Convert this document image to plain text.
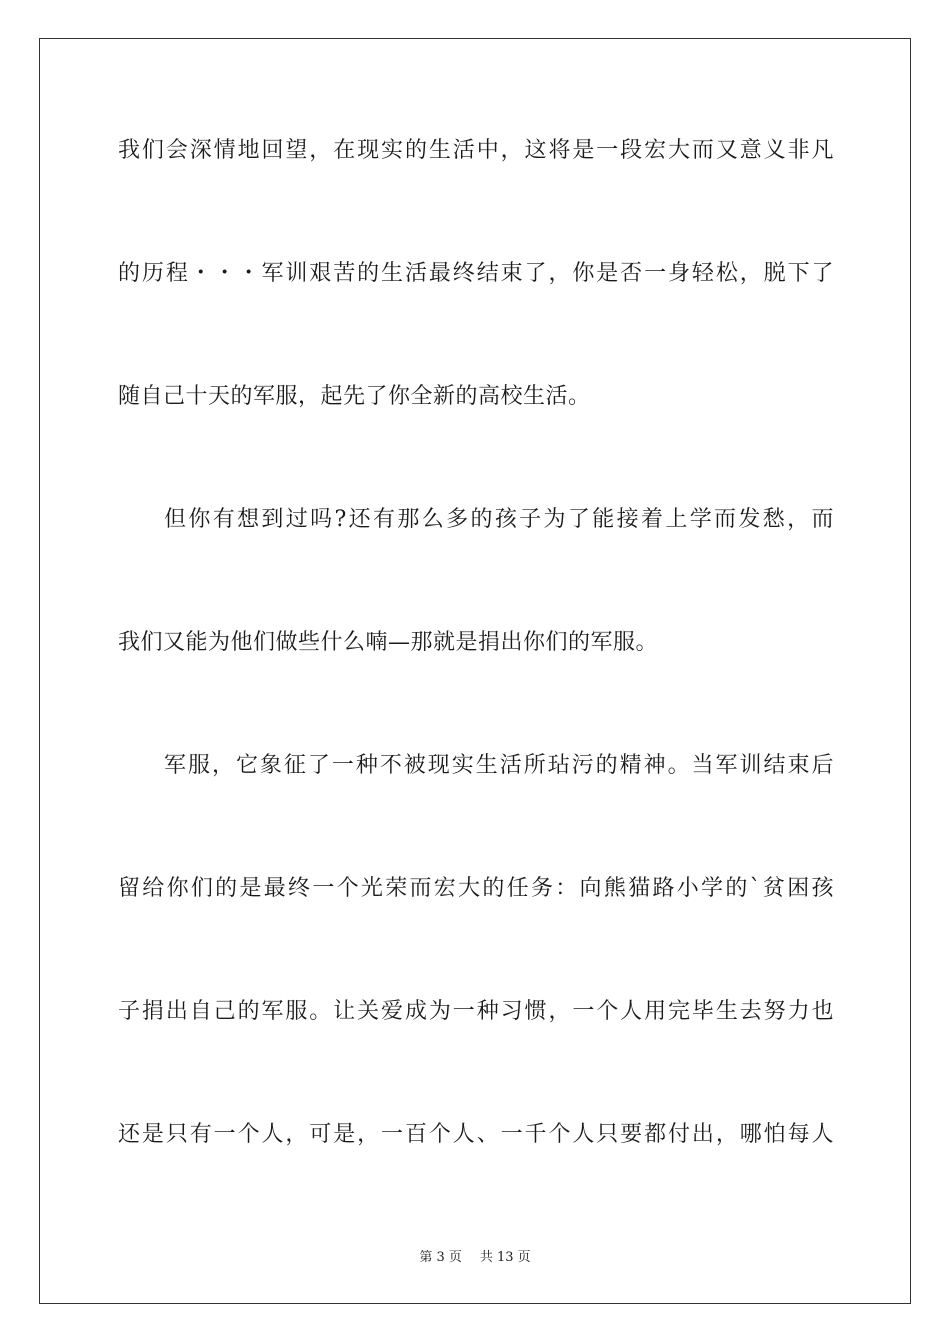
我们会深情地回望，在现实的生活中，这将是一段宏大而又意义非凡
的历程・・・军训艰苦的生活最终结束了，你是否一身轻松，脱下了
随自己十天的军服，起先了你全新的高校生活。
但你有想到过吗?还有那么多的孩子为了能接着上学而发愁，而
我们又能为他们做些什么喃—那就是捐出你们的军服。
军服，它象征了一种不被现实生活所玷污的精神。当军训结束后
留给你们的是最终一个光荣而宏大的任务：向熊猫路小学的`贫困孩
子捐出自己的军服。让关爱成为一种习惯，一个人用完毕生去努力也
还是只有一个人，可是，一百个人、一千个人只要都付出，哪怕每人
第 3 页 共 13 页
